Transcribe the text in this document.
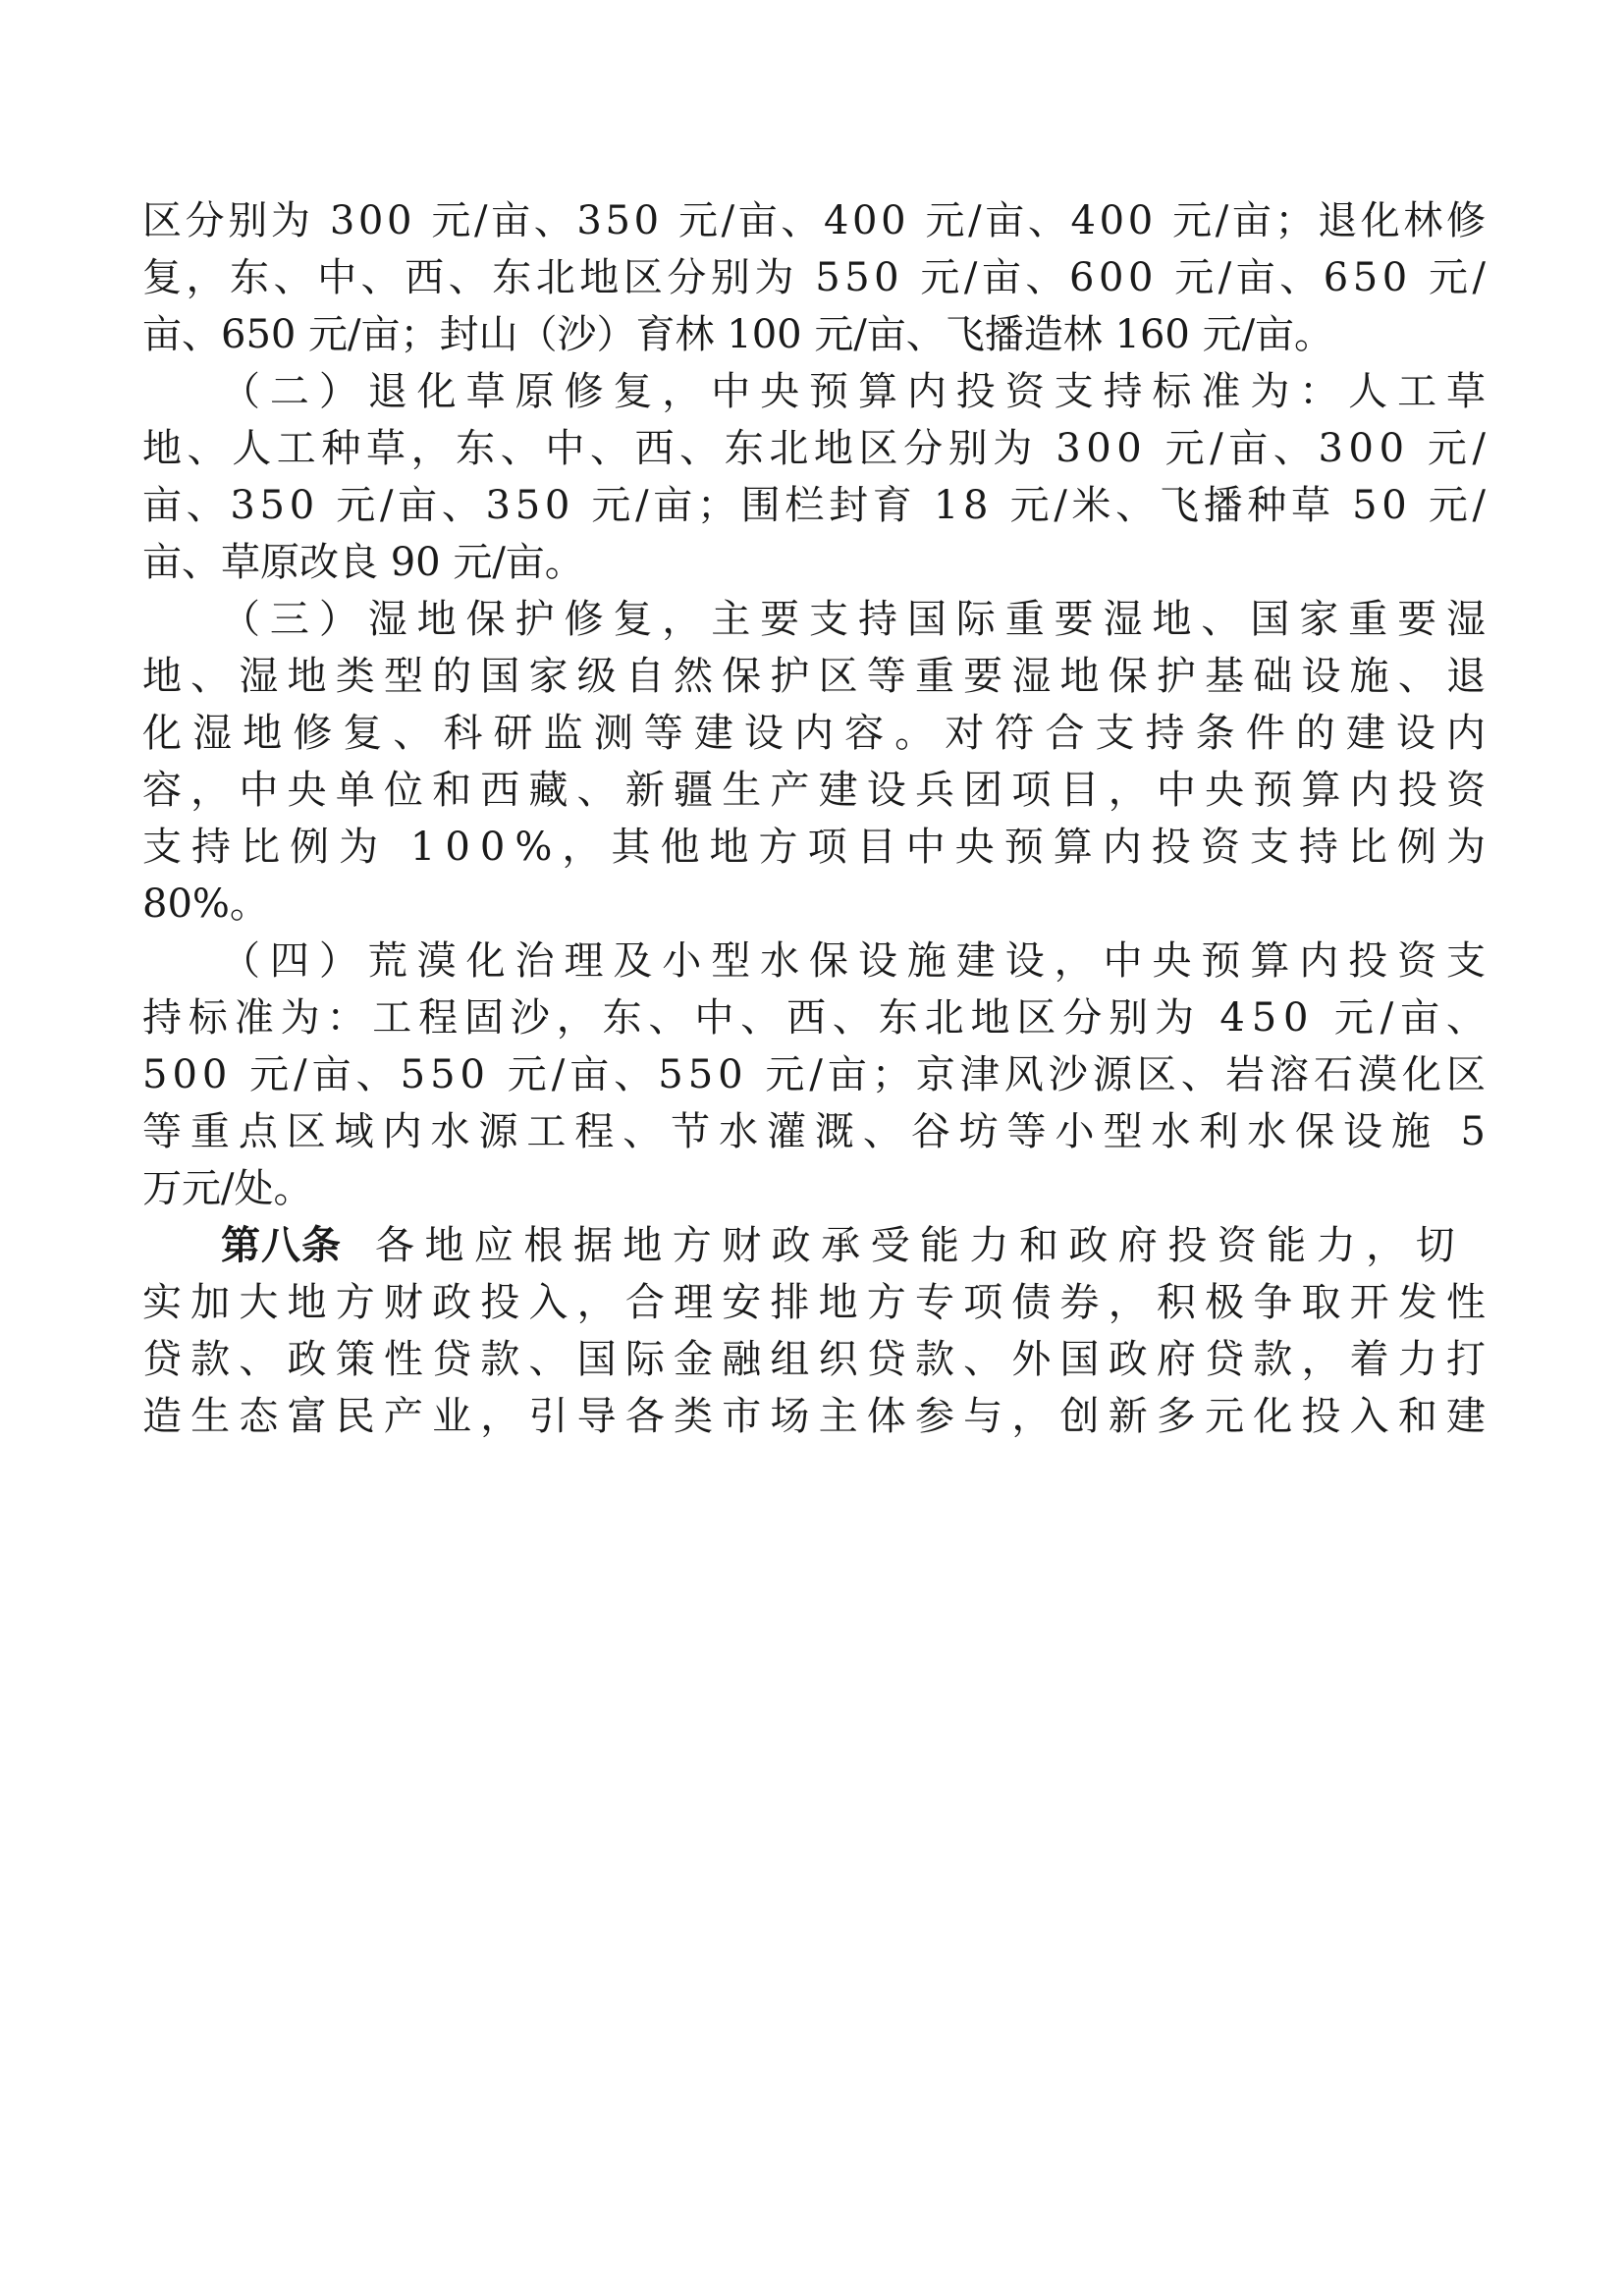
区分别为 300 元/亩、350 元/亩、400 元/亩、400 元/亩；退化林修
复，东、中、西、东北地区分别为 550 元/亩、600 元/亩、650 元/
亩、650 元/亩；封山（沙）育林 100 元/亩、飞播造林 160 元/亩。
（二）退化草原修复，中央预算内投资支持标准为：人工草
地、人工种草，东、中、西、东北地区分别为 300 元/亩、300 元/
亩、350 元/亩、350 元/亩；围栏封育 18 元/米、飞播种草 50 元/
亩、草原改良 90 元/亩。
（三）湿地保护修复，主要支持国际重要湿地、国家重要湿
地、湿地类型的国家级自然保护区等重要湿地保护基础设施、退
化湿地修复、科研监测等建设内容。对符合支持条件的建设内
容，中央单位和西藏、新疆生产建设兵团项目，中央预算内投资
支持比例为 100%，其他地方项目中央预算内投资支持比例为
80%。
（四）荒漠化治理及小型水保设施建设，中央预算内投资支
持标准为：工程固沙，东、中、西、东北地区分别为 450 元/亩、
500 元/亩、550 元/亩、550 元/亩；京津风沙源区、岩溶石漠化区
等重点区域内水源工程、节水灌溉、谷坊等小型水利水保设施 5
万元/处。
第八条 各地应根据地方财政承受能力和政府投资能力，切
实加大地方财政投入，合理安排地方专项债券，积极争取开发性
贷款、政策性贷款、国际金融组织贷款、外国政府贷款，着力打
造生态富民产业，引导各类市场主体参与，创新多元化投入和建
